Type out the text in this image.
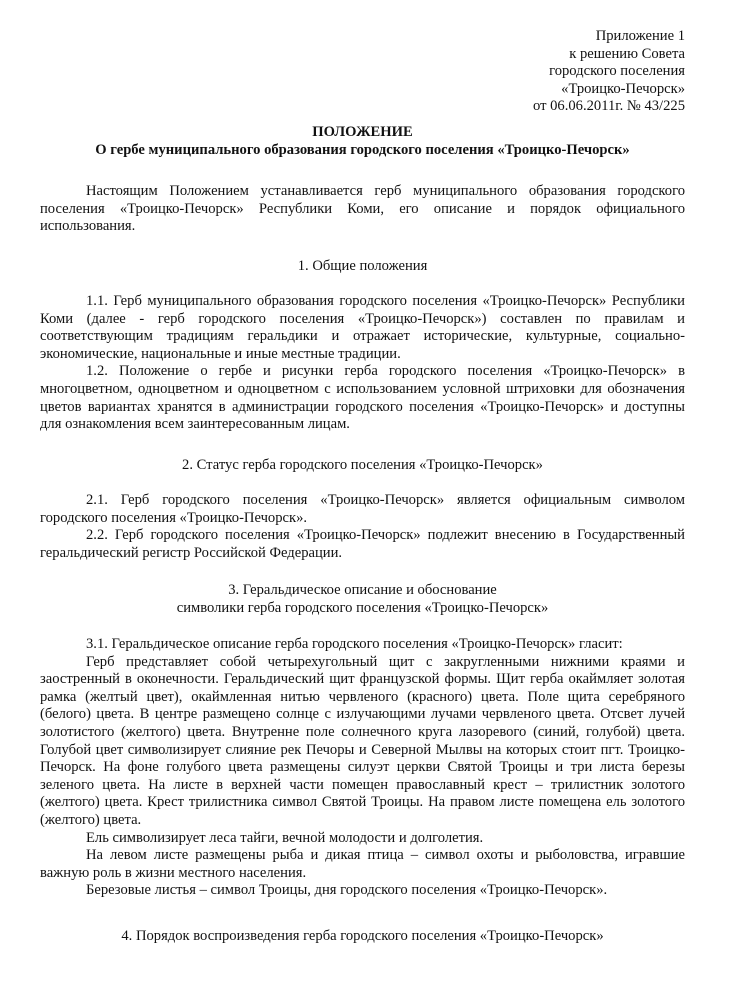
Приложение 1
к решению Совета
городского поселения
«Троицко-Печорск»
от 06.06.2011г. № 43/225
ПОЛОЖЕНИЕ
О гербе муниципального образования городского поселения «Троицко-Печорск»

Настоящим Положением устанавливается герб муниципального образования городского поселения «Троицко-Печорск» Республики Коми, его описание и порядок официального использования.

1. Общие положения

1.1. Герб муниципального образования городского поселения «Троицко-Печорск» Республики Коми (далее - герб городского поселения «Троицко-Печорск») составлен по правилам и соответствующим традициям геральдики и отражает исторические, культурные, социально-экономические, национальные и иные местные традиции.

1.2. Положение о гербе и рисунки герба городского поселения «Троицко-Печорск» в многоцветном, одноцветном и одноцветном с использованием условной штриховки для обозначения цветов вариантах хранятся в администрации городского поселения «Троицко-Печорск» и доступны для ознакомления всем заинтересованным лицам.

2. Статус герба городского поселения «Троицко-Печорск»

2.1. Герб городского поселения «Троицко-Печорск» является официальным символом городского поселения «Троицко-Печорск».

2.2. Герб городского поселения «Троицко-Печорск» подлежит внесению в Государственный геральдический регистр Российской Федерации.

3. Геральдическое описание и обоснование
символики герба городского поселения «Троицко-Печорск»

3.1. Геральдическое описание герба городского поселения «Троицко-Печорск» гласит:

Герб представляет собой четырехугольный щит с закругленными нижними краями и заостренный в оконечности. Геральдический щит французской формы. Щит герба окаймляет золотая рамка (желтый цвет), окаймленная нитью червленого (красного) цвета. Поле щита серебряного (белого) цвета. В центре размещено солнце с излучающими лучами червленого цвета. Отсвет лучей золотистого (желтого) цвета. Внутренне поле солнечного круга лазоревого (синий, голубой) цвета. Голубой цвет символизирует слияние рек Печоры и Северной Мылвы на которых стоит пгт. Троицко-Печорск. На фоне голубого цвета размещены силуэт церкви Святой Троицы и три листа березы зеленого цвета. На листе в верхней части помещен православный крест – трилистник золотого (желтого) цвета. Крест трилистника символ Святой Троицы. На правом листе помещена ель золотого (желтого) цвета.

Ель символизирует леса тайги, вечной молодости и долголетия.

На левом листе размещены рыба и дикая птица – символ охоты и рыболовства, игравшие важную роль в жизни местного населения.

Березовые листья – символ Троицы, дня городского поселения «Троицко-Печорск».

4. Порядок воспроизведения герба городского поселения «Троицко-Печорск»
